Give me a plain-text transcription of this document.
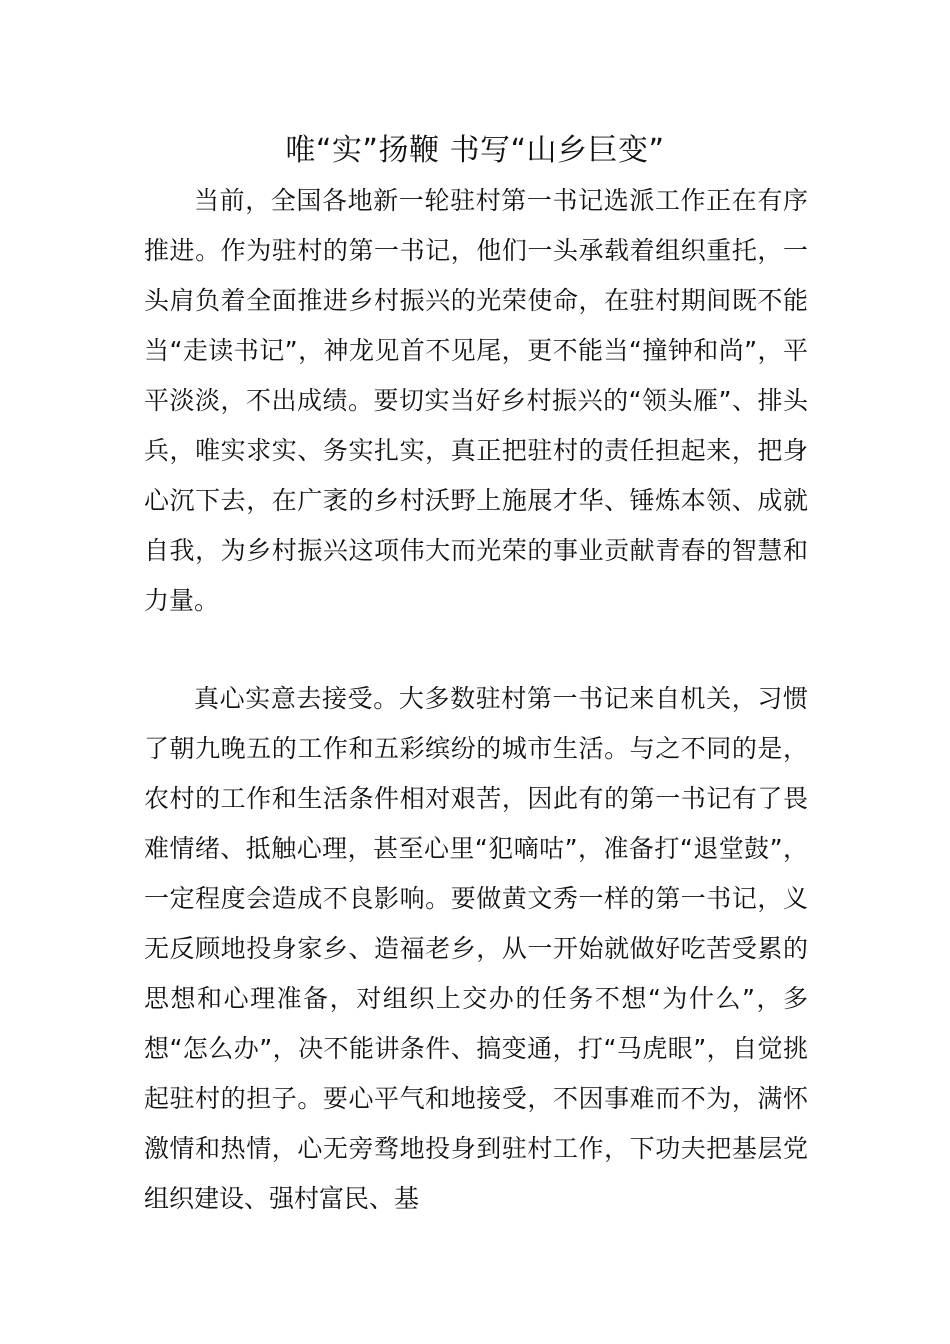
唯“实”扬鞭 书写“山乡巨变”

当前，全国各地新一轮驻村第一书记选派工作正在有序推进。作为驻村的第一书记，他们一头承载着组织重托，一头肩负着全面推进乡村振兴的光荣使命，在驻村期间既不能当“走读书记”，神龙见首不见尾，更不能当“撞钟和尚”，平平淡淡，不出成绩。要切实当好乡村振兴的“领头雁”、排头兵，唯实求实、务实扎实，真正把驻村的责任担起来，把身心沉下去，在广袤的乡村沃野上施展才华、锤炼本领、成就自我，为乡村振兴这项伟大而光荣的事业贡献青春的智慧和力量。

真心实意去接受。大多数驻村第一书记来自机关，习惯了朝九晚五的工作和五彩缤纷的城市生活。与之不同的是，农村的工作和生活条件相对艰苦，因此有的第一书记有了畏难情绪、抵触心理，甚至心里“犯嘀咕”，准备打“退堂鼓”，一定程度会造成不良影响。要做黄文秀一样的第一书记，义无反顾地投身家乡、造福老乡，从一开始就做好吃苦受累的思想和心理准备，对组织上交办的任务不想“为什么”，多想“怎么办”，决不能讲条件、搞变通，打“马虎眼”，自觉挑起驻村的担子。要心平气和地接受，不因事难而不为，满怀激情和热情，心无旁骛地投身到驻村工作，下功夫把基层党组织建设、强村富民、基
